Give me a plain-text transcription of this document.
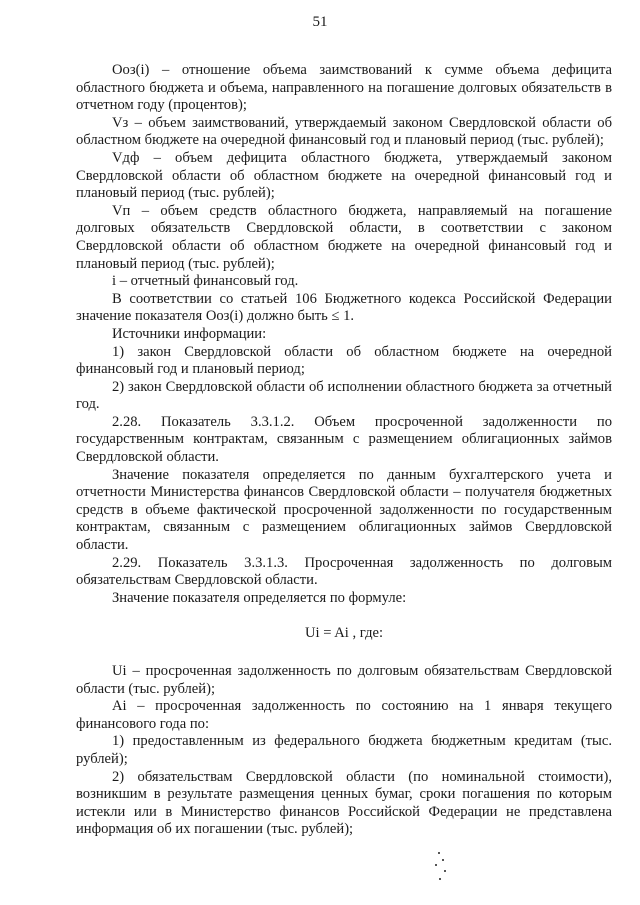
51

Ооз(i) – отношение объема заимствований к сумме объема дефицита областного бюджета и объема, направленного на погашение долговых обязательств в отчетном году (процентов);

Vз – объем заимствований, утверждаемый законом Свердловской области об областном бюджете на очередной финансовый год и плановый период (тыс. рублей);

Vдф – объем дефицита областного бюджета, утверждаемый законом Свердловской области об областном бюджете на очередной финансовый год и плановый период (тыс. рублей);

Vп – объем средств областного бюджета, направляемый на погашение долговых обязательств Свердловской области, в соответствии с законом Свердловской области об областном бюджете на очередной финансовый год и плановый период (тыс. рублей);

i – отчетный финансовый год.

В соответствии со статьей 106 Бюджетного кодекса Российской Федерации значение показателя Ооз(i) должно быть ≤ 1.

Источники информации:

1) закон Свердловской области об областном бюджете на очередной финансовый год и плановый период;

2) закон Свердловской области об исполнении областного бюджета за отчетный год.

2.28. Показатель 3.3.1.2. Объем просроченной задолженности по государственным контрактам, связанным с размещением облигационных займов Свердловской области.

Значение показателя определяется по данным бухгалтерского учета и отчетности Министерства финансов Свердловской области – получателя бюджетных средств в объеме фактической просроченной задолженности по государственным контрактам, связанным с размещением облигационных займов Свердловской области.

2.29. Показатель 3.3.1.3. Просроченная задолженность по долговым обязательствам Свердловской области.

Значение показателя определяется по формуле:

Ui = Ai , где:

Ui – просроченная задолженность по долговым обязательствам Свердловской области (тыс. рублей);

Ai – просроченная задолженность по состоянию на 1 января текущего финансового года по:

1) предоставленным из федерального бюджета бюджетным кредитам (тыс. рублей);

2) обязательствам Свердловской области (по номинальной стоимости), возникшим в результате размещения ценных бумаг, сроки погашения по которым истекли или в Министерство финансов Российской Федерации не представлена информация об их погашении (тыс. рублей);
